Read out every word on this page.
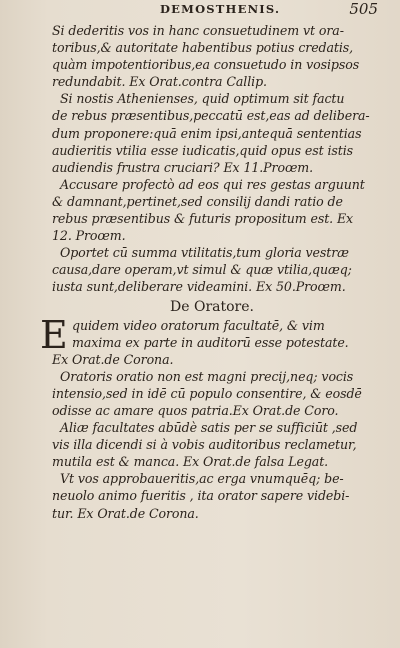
DEMOSTHENIS.	505
Si dederitis vos in hanc consuetudinem vt ora-
toribus,& autoritate habentibus potius credatis,
quàm impotentioribus,ea consuetudo in vosipsos
redundabit. Ex Orat.contra Callip.
Si nostis Athenienses, quid optimum sit factu
de rebus præsentibus,peccatū est,eas ad delibera-
dum proponere:quā enim ipsi,antequā sententias
audieritis vtilia esse iudicatis,quid opus est istis
audiendis frustra cruciari? Ex 11.Proœm.
Accusare profectò ad eos qui res gestas arguunt
& damnant,pertinet,sed consilij dandi ratio de
rebus præsentibus & futuris propositum est. Ex
12. Proœm.
Oportet cū summa vtilitatis,tum gloria vestræ
causa,dare operam,vt simul & quæ vtilia,quæq;
iusta sunt,deliberare videamini. Ex 50.Proœm.
De Oratore.
E quidem video oratorum facultatē, & vim
maxima ex parte in auditorū esse potestate.
Ex Orat.de Corona.
Oratoris oratio non est magni precij,neq; vocis
intensio,sed in idē cū populo consentire, & eosdē
odisse ac amare quos patria.Ex Orat.de Coro.
Aliæ facultates abūdè satis per se sufficiūt ,sed
vis illa dicendi si à vobis auditoribus reclametur,
mutila est & manca. Ex Orat.de falsa Legat.
Vt vos approbaueritis,ac erga vnumquēq; be-
neuolo animo fueritis , ita orator sapere videbi-
tur. Ex Orat.de Corona.
